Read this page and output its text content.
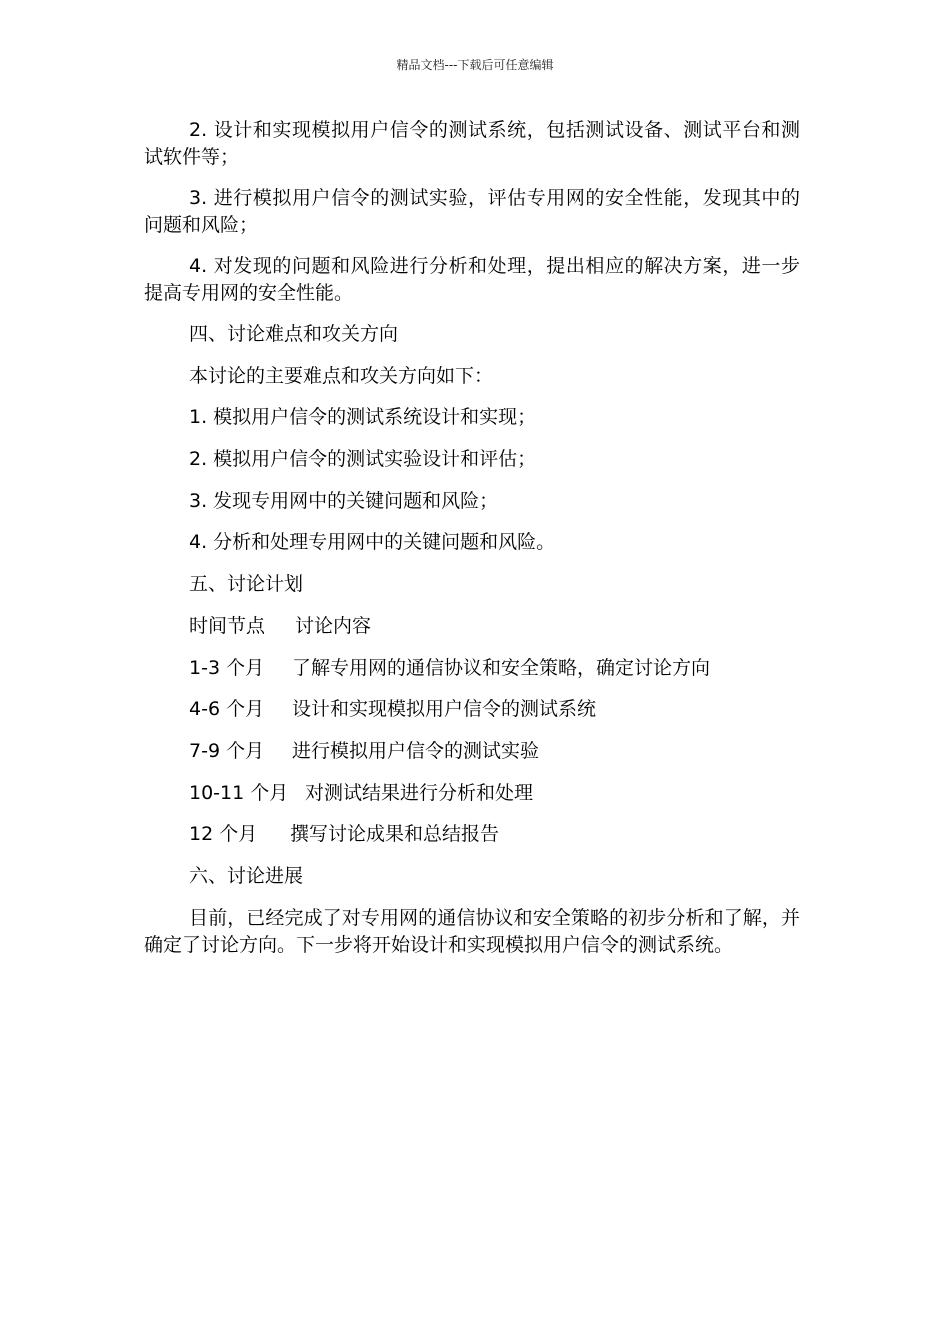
精品文档---下载后可任意编辑

2. 设计和实现模拟用户信令的测试系统，包括测试设备、测试平台和测试软件等；

3. 进行模拟用户信令的测试实验，评估专用网的安全性能，发现其中的问题和风险；

4. 对发现的问题和风险进行分析和处理，提出相应的解决方案，进一步提高专用网的安全性能。

四、讨论难点和攻关方向
本讨论的主要难点和攻关方向如下：
1. 模拟用户信令的测试系统设计和实现；
2. 模拟用户信令的测试实验设计和评估；
3. 发现专用网中的关键问题和风险；
4. 分析和处理专用网中的关键问题和风险。
五、讨论计划
时间节点 讨论内容
1-3 个月 了解专用网的通信协议和安全策略，确定讨论方向
4-6 个月 设计和实现模拟用户信令的测试系统
7-9 个月 进行模拟用户信令的测试实验
10-11 个月 对测试结果进行分析和处理
12 个月 撰写讨论成果和总结报告
六、讨论进展

目前，已经完成了对专用网的通信协议和安全策略的初步分析和了解，并确定了讨论方向。下一步将开始设计和实现模拟用户信令的测试系统。
